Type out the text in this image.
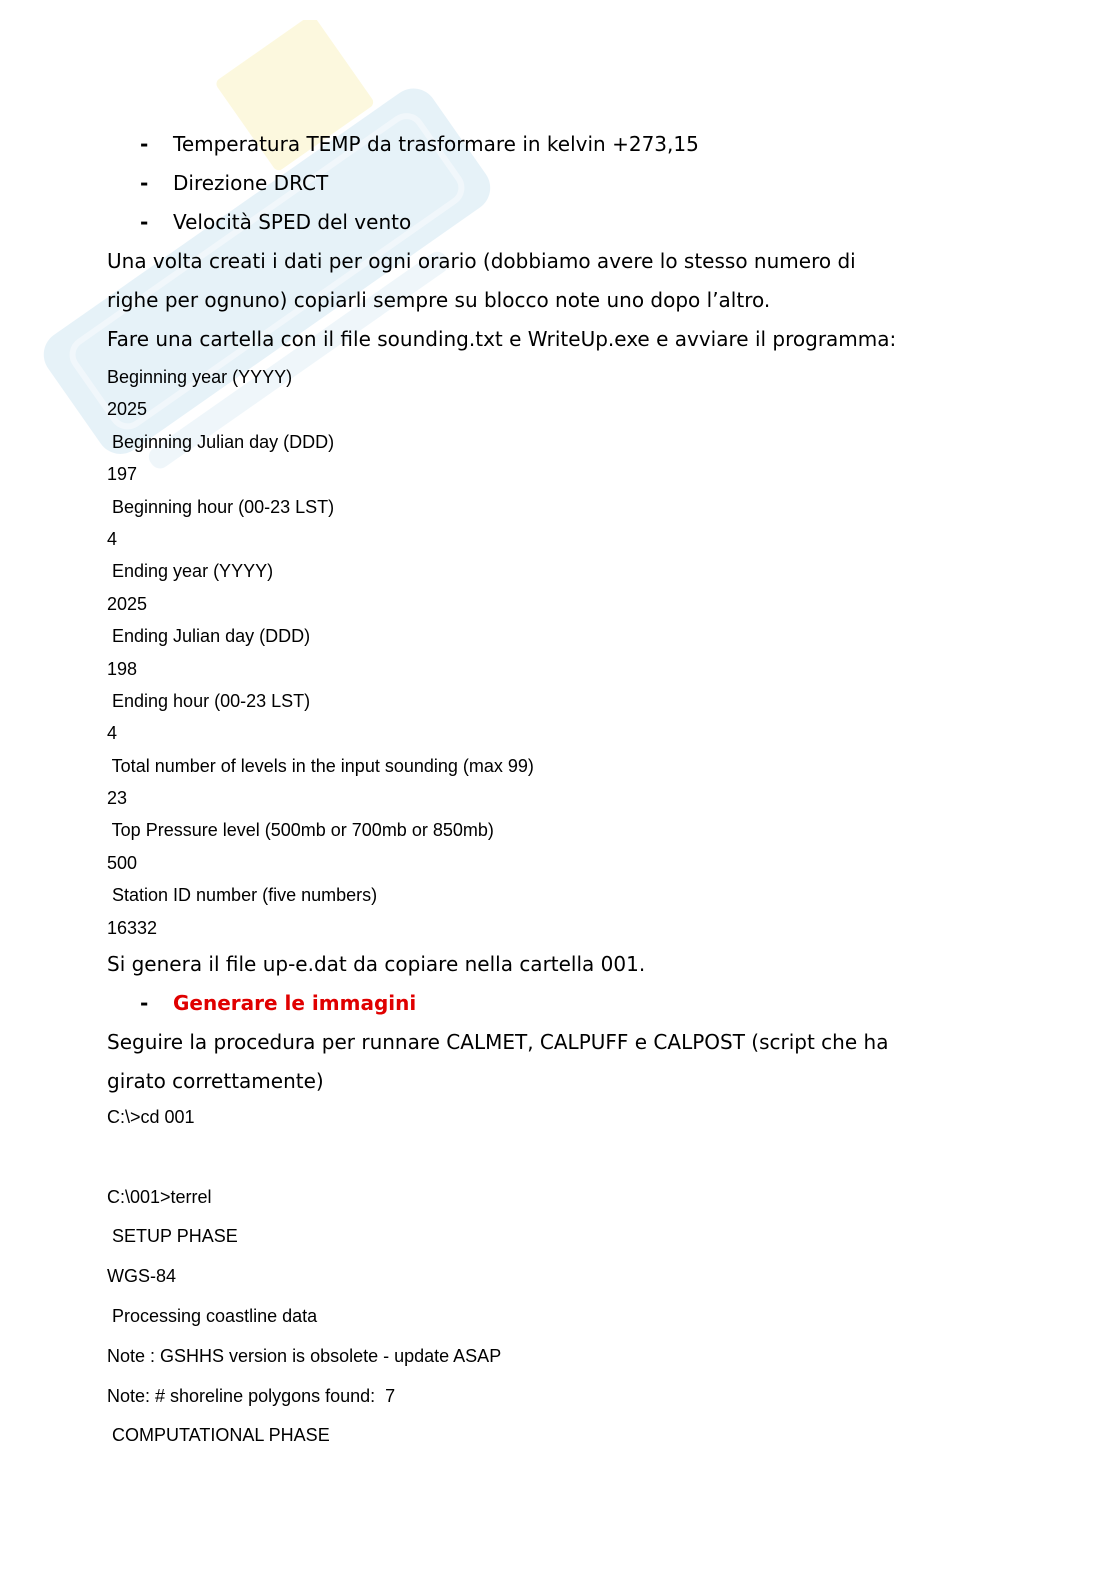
-

Temperatura TEMP da trasformare in kelvin +273,15

-

Direzione DRCT

-

Velocità SPED del vento

Una volta creati i dati per ogni orario (dobbiamo avere lo stesso numero di
righe per ognuno) copiarli sempre su blocco note uno dopo l’altro.
Fare una cartella con il file sounding.txt e WriteUp.exe e avviare il programma:
Beginning year (YYYY)
2025
Beginning Julian day (DDD)
197
Beginning hour (00-23 LST)
4
Ending year (YYYY)
2025
Ending Julian day (DDD)
198
Ending hour (00-23 LST)
4
Total number of levels in the input sounding (max 99)
23
Top Pressure level (500mb or 700mb or 850mb)
500
Station ID number (five numbers)
16332
Si genera il file up-e.dat da copiare nella cartella 001.

-

Generare le immagini

Seguire la procedura per runnare CALMET, CALPUFF e CALPOST (script che ha
girato correttamente)
C:\>cd 001
C:\001>terrel
SETUP PHASE
WGS-84
Processing coastline data
Note : GSHHS version is obsolete - update ASAP
Note: # shoreline polygons found:  7
COMPUTATIONAL PHASE
